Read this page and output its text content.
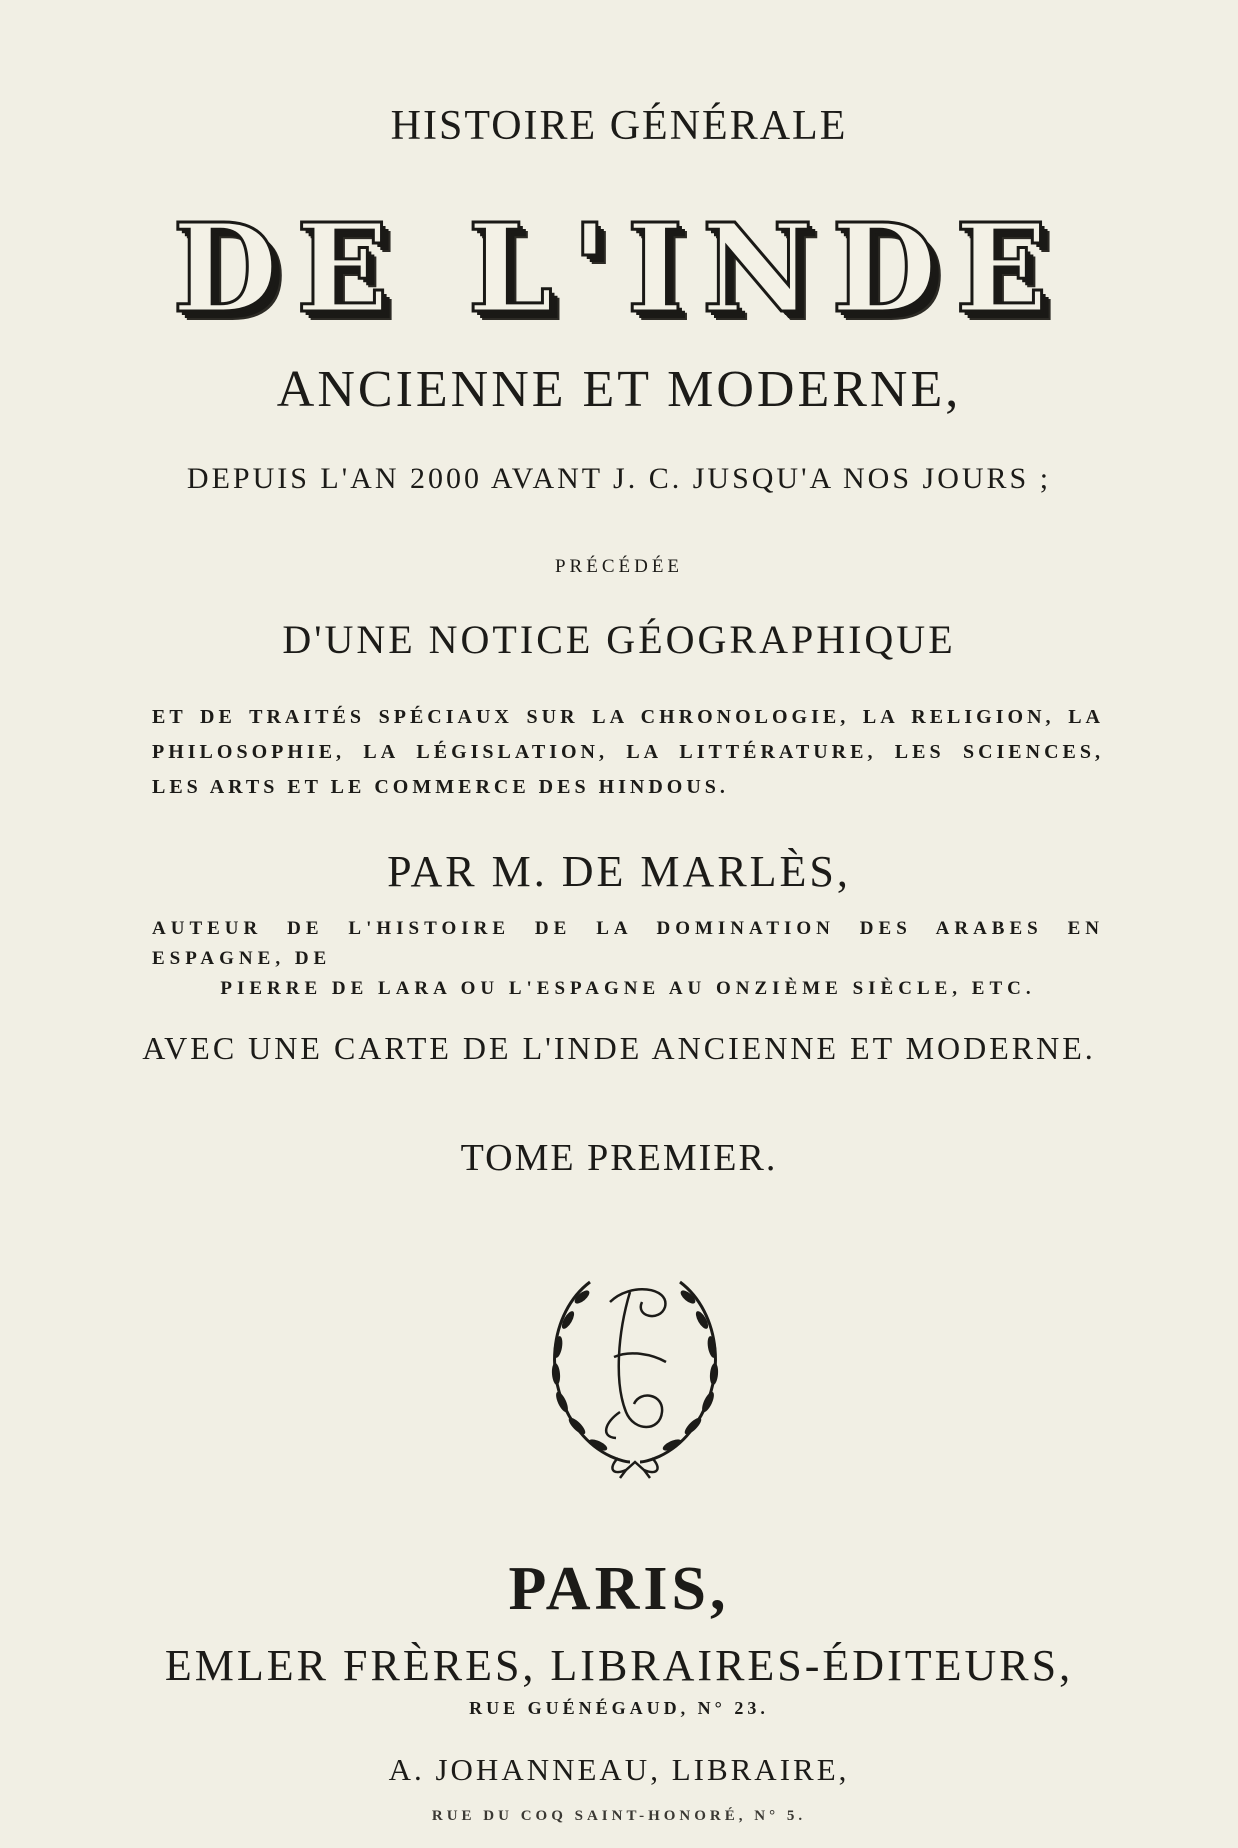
HISTOIRE GÉNÉRALE

DE L'INDE

ANCIENNE ET MODERNE,

DEPUIS L'AN 2000 AVANT J. C. JUSQU'A NOS JOURS ;

PRÉCÉDÉE

D'UNE NOTICE GÉOGRAPHIQUE

ET DE TRAITÉS SPÉCIAUX SUR LA CHRONOLOGIE, LA RELIGION, LA PHILOSOPHIE, LA LÉGISLATION, LA LITTÉRATURE, LES SCIENCES, LES ARTS ET LE COMMERCE DES HINDOUS.

PAR M. DE MARLÈS,

AUTEUR DE L'HISTOIRE DE LA DOMINATION DES ARABES EN ESPAGNE, DE
PIERRE DE LARA OU L'ESPAGNE AU ONZIÈME SIÈCLE, ETC.

AVEC UNE CARTE DE L'INDE ANCIENNE ET MODERNE.

TOME PREMIER.

PARIS,

EMLER FRÈRES, LIBRAIRES-ÉDITEURS,

RUE GUÉNÉGAUD, N° 23.

A. JOHANNEAU, LIBRAIRE,

RUE DU COQ SAINT-HONORÉ, N° 5.
